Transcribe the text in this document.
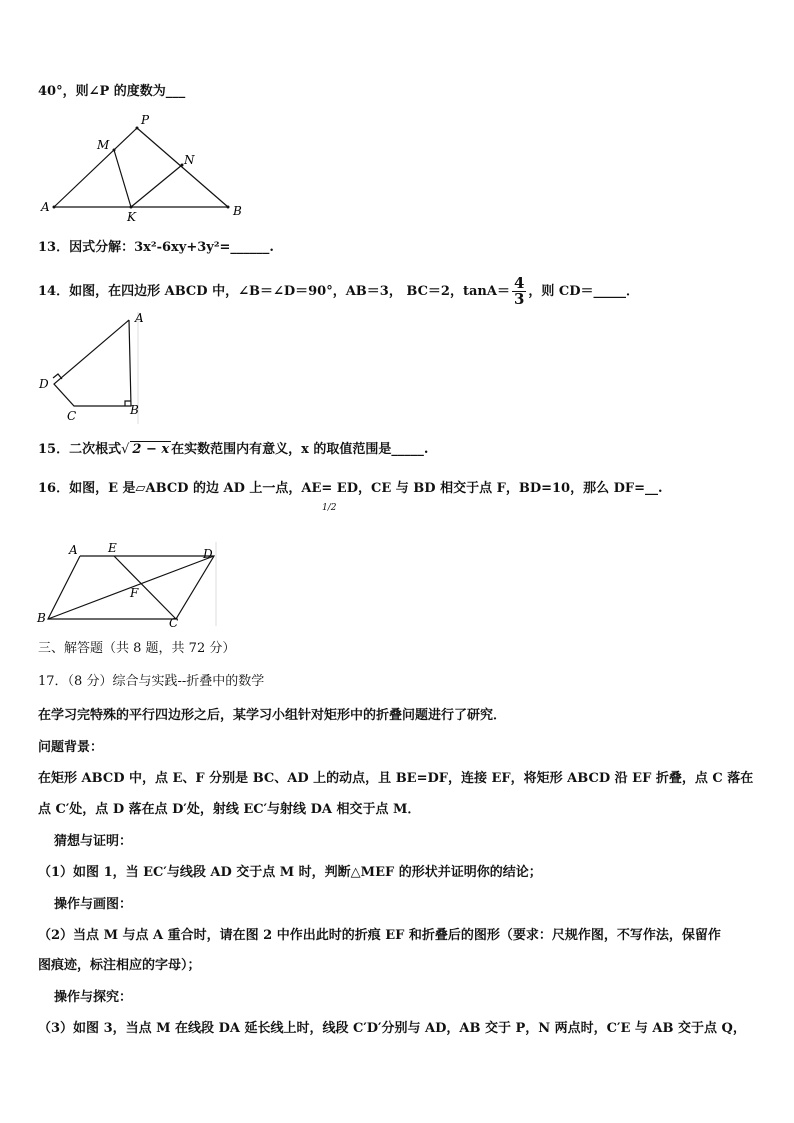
40°，则∠P 的度数为___
P
M
N
A
K	B
13．因式分解：3x²-6xy+3y²=______.
14．如图，在四边形 ABCD 中，∠B＝∠D＝90°，AB＝3， BC＝2，$\tan A= \frac{4}{3}$ ，则 CD＝_____．
A
D
C	B
15．二次根式√ 2 − x 在实数范围内有意义，x 的取值范围是_____.
16．如图，E 是▱ABCD 的边 AD 上一点，AE= ED，CE 与 BD 相交于点 F，BD=10，那么 DF=__.
1/2
A	E	D
F
B	C
三、解答题（共 8 题，共 72 分）
17．（8 分）综合与实践--折叠中的数学
在学习完特殊的平行四边形之后，某学习小组针对矩形中的折叠问题进行了研究．
问题背景：
在矩形 ABCD 中，点 E、F 分别是 BC、AD 上的动点，且 BE=DF，连接 EF，将矩形 ABCD 沿 EF 折叠，点 C 落在
点 C′处，点 D 落在点 D′处，射线 EC′与射线 DA 相交于点 M．
猜想与证明：
（1）如图 1，当 EC′与线段 AD 交于点 M 时，判断△MEF 的形状并证明你的结论；
操作与画图：
（2）当点 M 与点 A 重合时，请在图 2 中作出此时的折痕 EF 和折叠后的图形（要求：尺规作图，不写作法，保留作
图痕迹，标注相应的字母）；
操作与探究：
（3）如图 3，当点 M 在线段 DA 延长线上时，线段 C′D′分别与 AD，AB 交于 P，N 两点时，C′E 与 AB 交于点 Q，
